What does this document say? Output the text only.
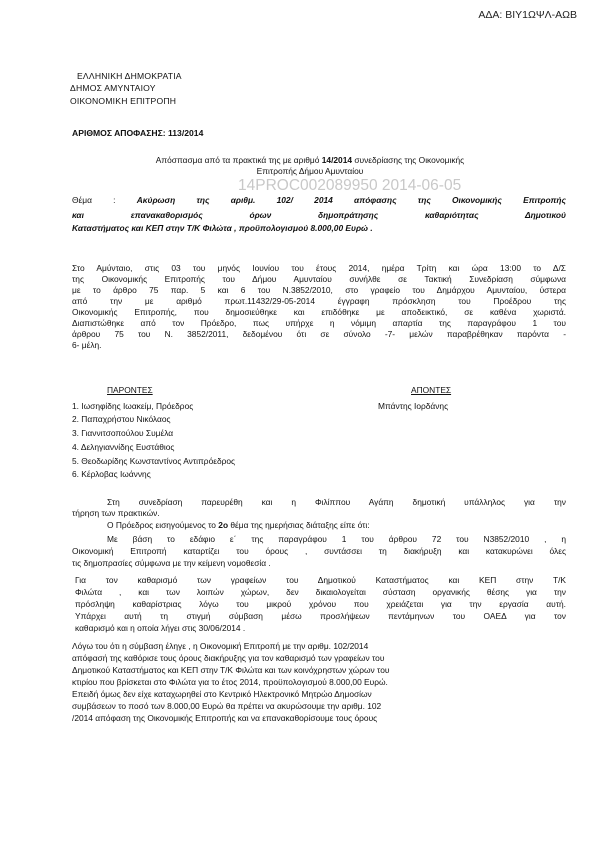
ΑΔΑ: ΒΙΥ1ΩΨΛ-ΑΩΒ
ΕΛΛΗΝΙΚΗ ΔΗΜΟΚΡΑΤΙΑ
ΔΗΜΟΣ ΑΜΥΝΤΑΙΟΥ
ΟΙΚΟΝΟΜΙΚΗ ΕΠΙΤΡΟΠΗ
ΑΡΙΘΜΟΣ ΑΠΟΦΑΣΗΣ: 113/2014
Απόσπασμα από τα πρακτικά της με αριθμό 14/2014 συνεδρίασης της Οικονομικής
Επιτροπής Δήμου Αμυνταίου
14PROC002089950 2014-06-05
Θέμα : Ακύρωση της αριθμ. 102/ 2014 απόφασης της Οικονομικής Επιτροπής
και επανακαθορισμός όρων δημοπράτησης καθαριότητας Δημοτικού
Καταστήματος και ΚΕΠ στην Τ/Κ Φιλώτα , προϋπολογισμού 8.000,00 Ευρώ .
Στο Αμύνταιο, στις 03 του μηνός Ιουνίου του έτους 2014, ημέρα Τρίτη και ώρα 13:00 το Δ/Σ
της Οικονομικής Επιτροπής του Δήμου Αμυνταίου συνήλθε σε Τακτική Συνεδρίαση σύμφωνα
με το άρθρο 75 παρ. 5 και 6 του Ν.3852/2010, στο γραφείο του Δημάρχου Αμυνταίου, ύστερα
από την με αριθμό πρωτ.11432/29-05-2014 έγγραφη πρόσκληση του Προέδρου της
Οικονομικής Επιτροπής, που δημοσιεύθηκε και επιδόθηκε με αποδεικτικό, σε καθένα χωριστά.
Διαπιστώθηκε από τον Πρόεδρο, πως υπήρχε η νόμιμη απαρτία της παραγράφου 1 του
άρθρου 75 του Ν. 3852/2011, δεδομένου ότι σε σύνολο -7- μελών παραβρέθηκαν παρόντα -
6- μέλη.
ΠΑΡΟΝΤΕΣ	ΑΠΟΝΤΕΣ
1. Ιωσηφίδης Ιωακείμ, Πρόεδρος
2. Παπαχρήστου Νικόλαος
3. Γιαννιτσοπούλου Συμέλα
4. Δεληγιαννίδης Ευστάθιος
5. Θεοδωρίδης Κωνσταντίνος Αντιπρόεδρος
6. Κέρλοβας Ιωάννης
Μπάντης Ιορδάνης
Στη συνεδρίαση παρευρέθη και η Φιλίππου Αγάπη δημοτική υπάλληλος για την
τήρηση των πρακτικών.
Ο Πρόεδρος εισηγούμενος το 2ο θέμα της ημερήσιας διάταξης είπε ότι:
Με βάση το εδάφιο ε΄ της παραγράφου 1 του άρθρου 72 του Ν3852/2010 , η
Οικονομική Επιτροπή καταρτίζει του όρους , συντάσσει τη διακήρυξη και κατακυρώνει όλες
τις δημοπρασίες σύμφωνα με την κείμενη νομοθεσία .
Για τον καθαρισμό των γραφείων του Δημοτικού Καταστήματος και ΚΕΠ στην Τ/Κ
Φιλώτα , και των λοιπών χώρων, δεν δικαιολογείται σύσταση οργανικής θέσης για την
πρόσληψη καθαρίστριας λόγω του μικρού χρόνου που χρειάζεται για την εργασία αυτή.
Υπάρχει αυτή τη στιγμή σύμβαση μέσω προσλήψεων πεντάμηνων του ΟΑΕΔ για τον
καθαρισμό και η οποία λήγει στις 30/06/2014 .
Λόγω του ότι η σύμβαση έληγε , η Οικονομική Επιτροπή με την αριθμ. 102/2014
απόφασή της καθόρισε τους όρους διακήρυξης για τον καθαρισμό των γραφείων του
Δημοτικού Καταστήματος και ΚΕΠ στην Τ/Κ Φιλώτα και των κοινόχρηστων χώρων του
κτιρίου που βρίσκεται στο Φιλώτα για το έτος 2014, προϋπολογισμού 8.000,00 Ευρώ.
Επειδή όμως δεν είχε καταχωρηθεί στο Κεντρικό Ηλεκτρονικό Μητρώο Δημοσίων
συμβάσεων το ποσό των 8.000,00 Ευρώ θα πρέπει να ακυρώσουμε την αριθμ. 102
/2014 απόφαση της Οικονομικής Επιτροπής και να επανακαθορίσουμε τους όρους
